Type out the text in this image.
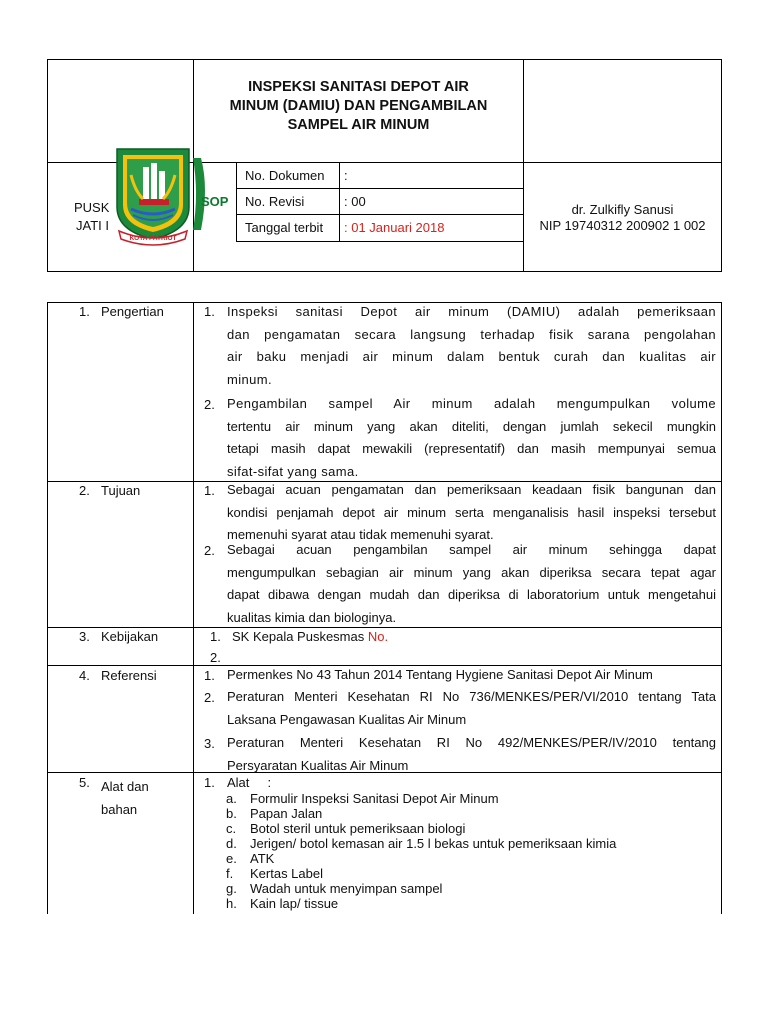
INSPEKSI SANITASI DEPOT AIR
MINUM (DAMIU) DAN PENGAMBILAN
SAMPEL AIR MINUM
PUSK
JATI I
KOTA PATRIOT
SOP
No. Dokumen :
No. Revisi	: 00
Tanggal terbit : 01 Januari 2018
dr. Zulkifly Sanusi
NIP 19740312 200902 1 002
1. Pengertian	1. Inspeksi sanitasi Depot air minum (DAMIU) adalah pemeriksaan
dan pengamatan secara langsung terhadap fisik sarana pengolahan
air baku menjadi air minum dalam bentuk curah dan kualitas air
minum.
2. Pengambilan sampel Air minum adalah mengumpulkan volume
tertentu air minum yang akan diteliti, dengan jumlah sekecil mungkin
tetapi masih dapat mewakili (representatif) dan masih mempunyai semua
sifat-sifat yang sama.
2. Tujuan	1. Sebagai acuan pengamatan dan pemeriksaan keadaan fisik bangunan dan
kondisi penjamah depot air minum serta menganalisis hasil inspeksi tersebut
memenuhi syarat atau tidak memenuhi syarat.
2. Sebagai acuan pengambilan sampel air minum sehingga dapat
mengumpulkan sebagian air minum yang akan diperiksa secara tepat agar
dapat dibawa dengan mudah dan diperiksa di laboratorium untuk mengetahui
kualitas kimia dan biologinya.
3. Kebijakan	1. SK Kepala Puskesmas No.
2.
4. Referensi	1. Permenkes No 43 Tahun 2014 Tentang Hygiene Sanitasi Depot Air Minum
2. Peraturan Menteri Kesehatan RI No 736/MENKES/PER/VI/2010 tentang Tata
Laksana Pengawasan Kualitas Air Minum
3. Peraturan Menteri Kesehatan RI No 492/MENKES/PER/IV/2010 tentang
Persyaratan Kualitas Air Minum
5. Alat dan
bahan
1. Alat     :
a. Formulir Inspeksi Sanitasi Depot Air Minum
b. Papan Jalan
c. Botol steril untuk pemeriksaan biologi
d. Jerigen/ botol kemasan air 1.5 l bekas untuk pemeriksaan kimia
e. ATK
f. Kertas Label
g. Wadah untuk menyimpan sampel
h. Kain lap/ tissue
